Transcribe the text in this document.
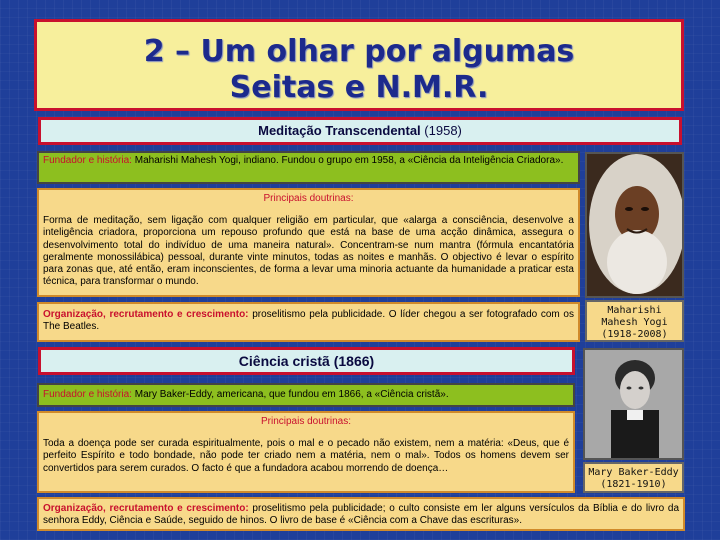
2 – Um olhar por algumas
Seitas e N.M.R.
Meditação Transcendental (1958)
Fundador e história: Maharishi Mahesh Yogi, indiano. Fundou o grupo em 1958, a «Ciência da Inteligência Criadora».
Principais doutrinas:
Forma de meditação, sem ligação com qualquer religião em particular, que «alarga a consciência, desenvolve a inteligência criadora, proporciona um repouso profundo que está na base de uma acção dinâmica, assegura o desenvolvimento total do indivíduo de uma maneira natural». Concentram-se num mantra (fórmula encantatória geralmente monossilábica) pessoal, durante vinte minutos, todas as noites e manhãs. O objectivo é levar o espírito para zonas que, até então, eram inconscientes, de forma a levar uma minoria actuante da humanidade a praticar esta técnica, para transformar o mundo.
Organização, recrutamento e crescimento: proselitismo pela publicidade. O líder chegou a ser fotografado com os The Beatles.
Maharishi
Mahesh Yogi
(1918-2008)
Ciência cristã (1866)
Fundador e história: Mary Baker-Eddy, americana, que fundou em 1866, a «Ciência cristã».
Principais doutrinas:
Toda a doença pode ser curada espiritualmente, pois o mal e o pecado não existem, nem a matéria: «Deus, que é perfeito Espírito e todo bondade, não pode ter criado nem a matéria, nem o mal». Todos os homens devem ser convertidos para serem curados. O facto é que a fundadora acabou morrendo de doença…	Mary Baker-Eddy
(1821-1910)
Organização, recrutamento e crescimento: proselitismo pela publicidade; o culto consiste em ler alguns versículos da Bíblia e do livro da senhora Eddy, Ciência e Saúde, seguido de hinos. O livro de base é «Ciência com a Chave das escrituras».
